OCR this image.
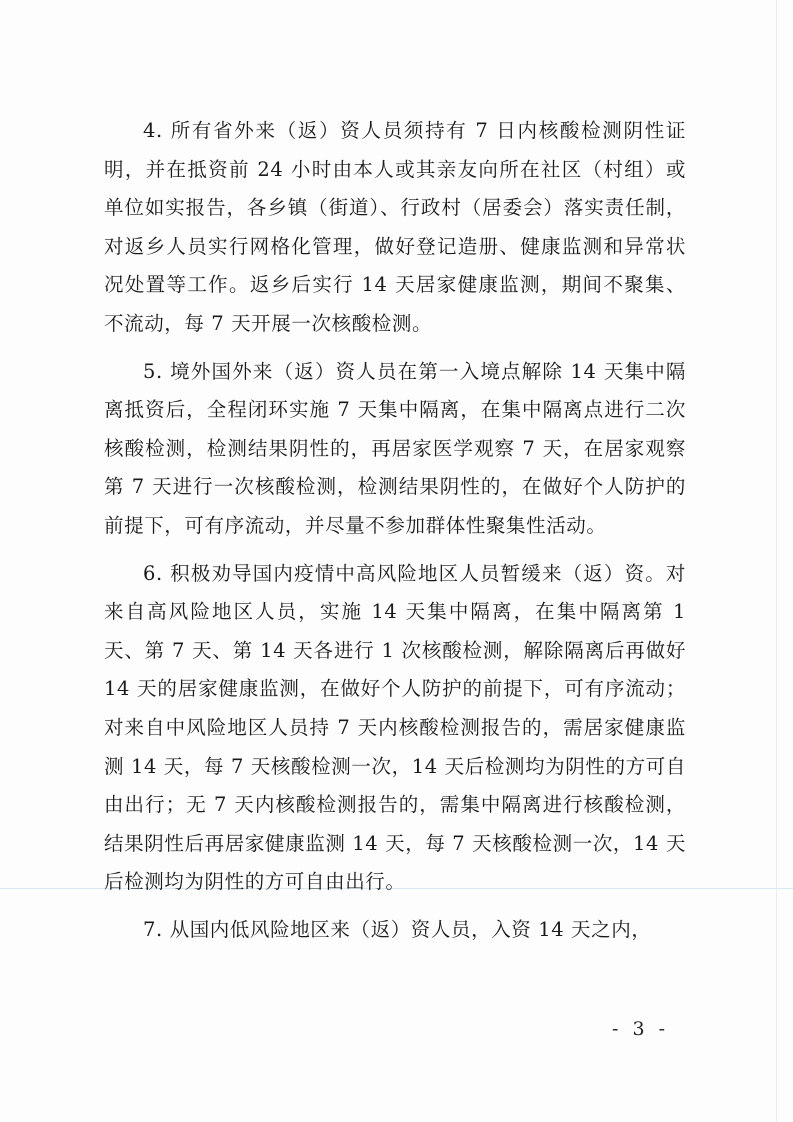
4. 所有省外来（返）资人员须持有 7 日内核酸检测阴性证明，并在抵资前 24 小时由本人或其亲友向所在社区（村组）或单位如实报告，各乡镇（街道）、行政村（居委会）落实责任制，对返乡人员实行网格化管理，做好登记造册、健康监测和异常状况处置等工作。返乡后实行 14 天居家健康监测，期间不聚集、不流动，每 7 天开展一次核酸检测。

5. 境外国外来（返）资人员在第一入境点解除 14 天集中隔离抵资后，全程闭环实施 7 天集中隔离，在集中隔离点进行二次核酸检测，检测结果阴性的，再居家医学观察 7 天，在居家观察第 7 天进行一次核酸检测，检测结果阴性的，在做好个人防护的前提下，可有序流动，并尽量不参加群体性聚集性活动。

6. 积极劝导国内疫情中高风险地区人员暂缓来（返）资。对来自高风险地区人员，实施 14 天集中隔离，在集中隔离第 1 天、第 7 天、第 14 天各进行 1 次核酸检测，解除隔离后再做好 14 天的居家健康监测，在做好个人防护的前提下，可有序流动；对来自中风险地区人员持 7 天内核酸检测报告的，需居家健康监测 14 天，每 7 天核酸检测一次，14 天后检测均为阴性的方可自由出行；无 7 天内核酸检测报告的，需集中隔离进行核酸检测，结果阴性后再居家健康监测 14 天，每 7 天核酸检测一次，14 天后检测均为阴性的方可自由出行。

7. 从国内低风险地区来（返）资人员，入资 14 天之内，

- 3 -
